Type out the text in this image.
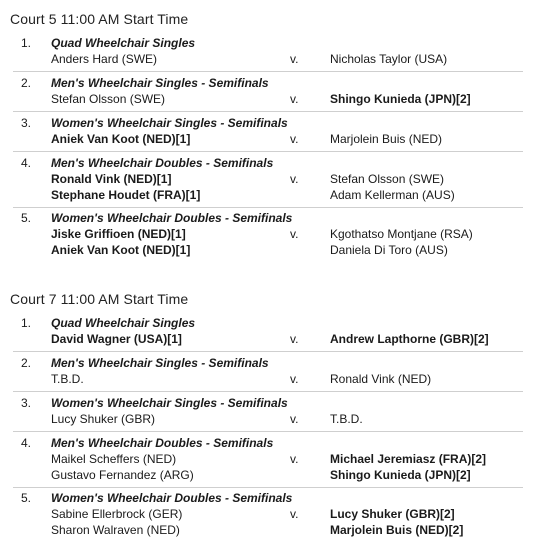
Court 5 11:00 AM Start Time
1. Quad Wheelchair Singles
Anders Hard (SWE)	v.	Nicholas Taylor (USA)
2. Men's Wheelchair Singles - Semifinals
Stefan Olsson (SWE)	v.	Shingo Kunieda (JPN)[2]
3. Women's Wheelchair Singles - Semifinals
Aniek Van Koot (NED)[1]	v.	Marjolein Buis (NED)
4. Men's Wheelchair Doubles - Semifinals
Ronald Vink (NED)[1]	v.	Stefan Olsson (SWE)
Stephane Houdet (FRA)[1]	Adam Kellerman (AUS)
5. Women's Wheelchair Doubles - Semifinals
Jiske Griffioen (NED)[1]	v.	Kgothatso Montjane (RSA)
Aniek Van Koot (NED)[1]	Daniela Di Toro (AUS)
Court 7 11:00 AM Start Time
1. Quad Wheelchair Singles
David Wagner (USA)[1]	v.	Andrew Lapthorne (GBR)[2]
2. Men's Wheelchair Singles - Semifinals
T.B.D.	v.	Ronald Vink (NED)
3. Women's Wheelchair Singles - Semifinals
Lucy Shuker (GBR)	v.	T.B.D.
4. Men's Wheelchair Doubles - Semifinals
Maikel Scheffers (NED)	v.	Michael Jeremiasz (FRA)[2]
Gustavo Fernandez (ARG)	Shingo Kunieda (JPN)[2]
5. Women's Wheelchair Doubles - Semifinals
Sabine Ellerbrock (GER)	v.	Lucy Shuker (GBR)[2]
Sharon Walraven (NED)	Marjolein Buis (NED)[2]
